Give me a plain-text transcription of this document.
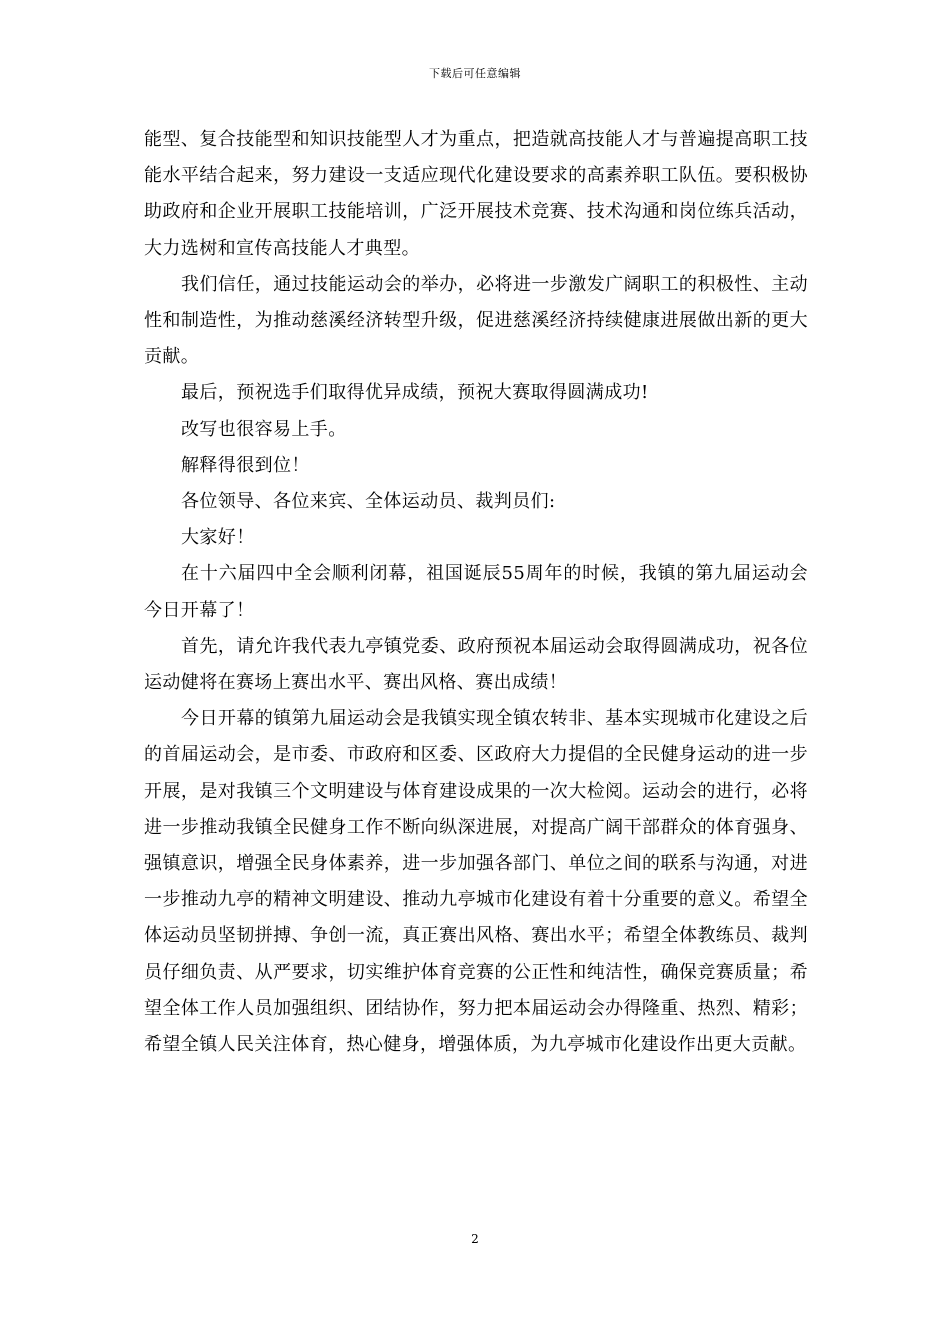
下载后可任意编辑

能型、复合技能型和知识技能型人才为重点，把造就高技能人才与普遍提高职工技能水平结合起来，努力建设一支适应现代化建设要求的高素养职工队伍。要积极协助政府和企业开展职工技能培训，广泛开展技术竞赛、技术沟通和岗位练兵活动，大力选树和宣传高技能人才典型。

我们信任，通过技能运动会的举办，必将进一步激发广阔职工的积极性、主动性和制造性，为推动慈溪经济转型升级，促进慈溪经济持续健康进展做出新的更大贡献。

最后，预祝选手们取得优异成绩，预祝大赛取得圆满成功!

改写也很容易上手。

解释得很到位！

各位领导、各位来宾、全体运动员、裁判员们:

大家好！

在十六届四中全会顺利闭幕，祖国诞辰55周年的时候，我镇的第九届运动会今日开幕了！

首先，请允许我代表九亭镇党委、政府预祝本届运动会取得圆满成功，祝各位运动健将在赛场上赛出水平、赛出风格、赛出成绩！

今日开幕的镇第九届运动会是我镇实现全镇农转非、基本实现城市化建设之后的首届运动会，是市委、市政府和区委、区政府大力提倡的全民健身运动的进一步开展，是对我镇三个文明建设与体育建设成果的一次大检阅。运动会的进行，必将进一步推动我镇全民健身工作不断向纵深进展，对提高广阔干部群众的体育强身、强镇意识，增强全民身体素养，进一步加强各部门、单位之间的联系与沟通，对进一步推动九亭的精神文明建设、推动九亭城市化建设有着十分重要的意义。希望全体运动员坚韧拼搏、争创一流，真正赛出风格、赛出水平；希望全体教练员、裁判员仔细负责、从严要求，切实维护体育竞赛的公正性和纯洁性，确保竞赛质量；希望全体工作人员加强组织、团结协作，努力把本届运动会办得隆重、热烈、精彩；希望全镇人民关注体育，热心健身，增强体质，为九亭城市化建设作出更大贡献。

2
